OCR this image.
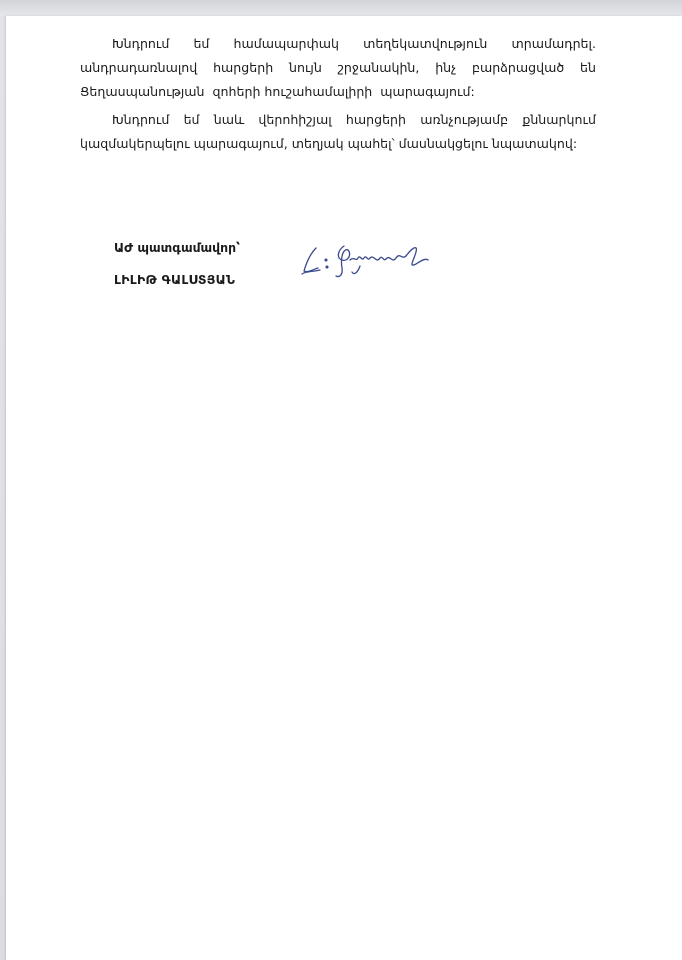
Խնդրում եմ համապարփակ տեղեկատվություն տրամադրել.
անդրադառնալով հարցերի նույն շրջանակին, ինչ բարձրացված են
Ցեղասպանության  զոհերի հուշահամալիրի  պարագայում:
Խնդրում եմ նաև վերոհիշյալ հարցերի առնչությամբ քննարկում
կազմակերպելու պարագայում, տեղյակ պահել՝ մասնակցելու նպատակով:
ԱԺ պատգամավոր՝
ԼԻԼԻԹ ԳԱԼՍՏՅԱՆ
